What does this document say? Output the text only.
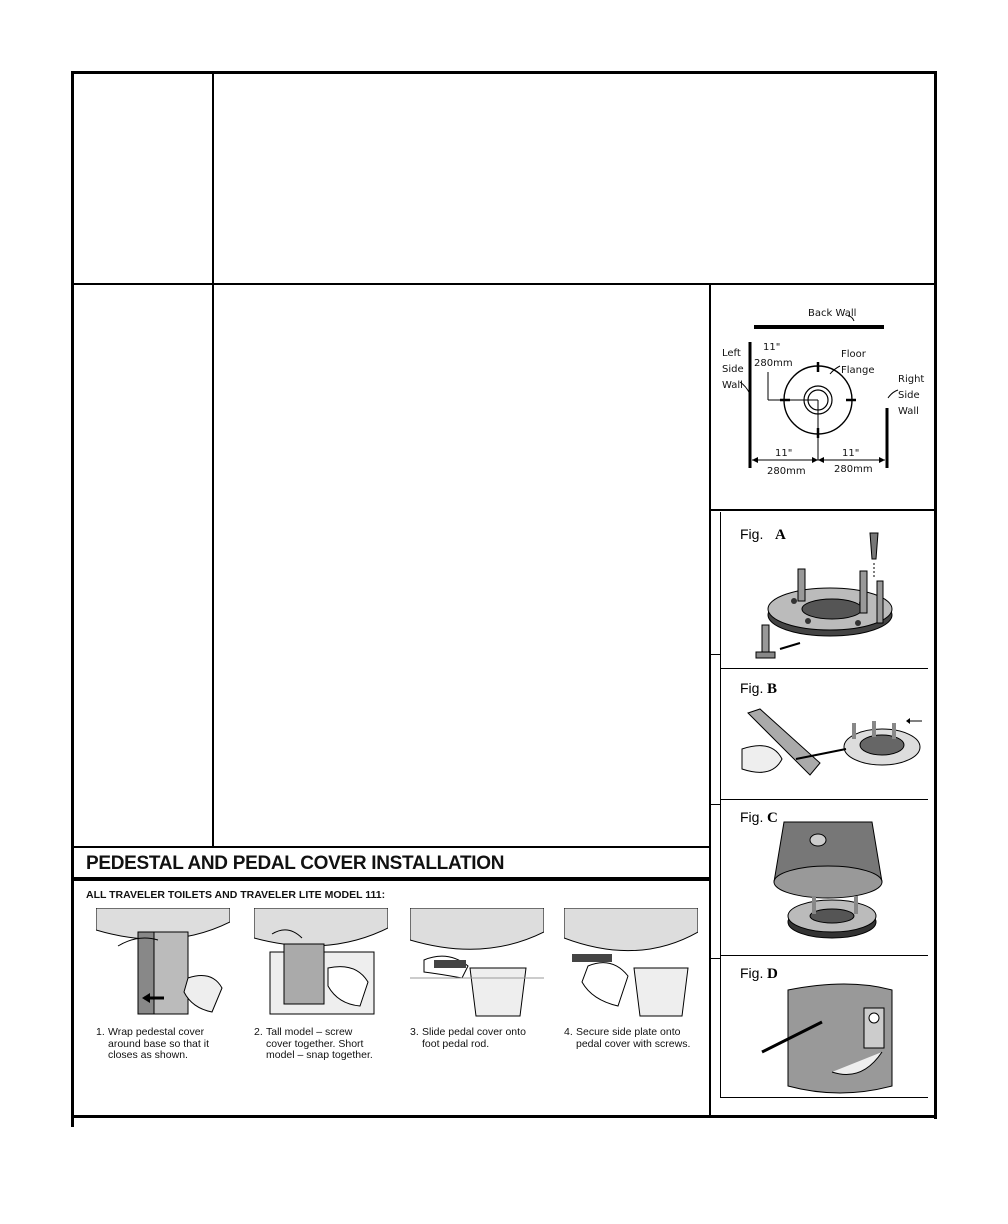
Back Wall
Left
Side
Wall
Right
Side
Wall
Floor
Flange
11"
280mm
11"
280mm
11"
280mm
Fig. A
Fig. B
Fig. C
Fig. D
PEDESTAL AND PEDAL COVER INSTALLATION
ALL TRAVELER TOILETS AND TRAVELER LITE MODEL 111:
1. Wrap pedestal cover
around base so that it
closes as shown.
2. Tall model – screw
cover together. Short
model – snap together.
3. Slide pedal cover onto
foot pedal rod.
4. Secure side plate onto
pedal cover with screws.
